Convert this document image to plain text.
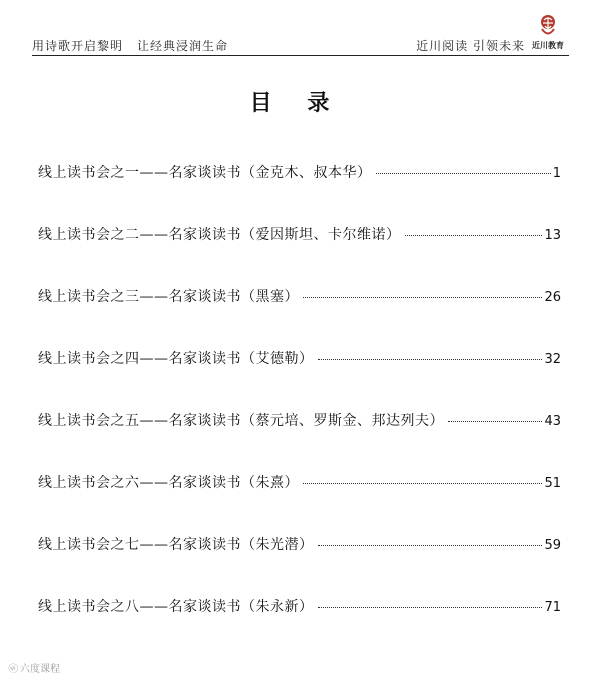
用诗歌开启黎明 让经典浸润生命	近川阅读 引领未来 近川教育
目 录
线上读书会之一——名家谈读书（金克木、叔本华）	1
线上读书会之二——名家谈读书（爱因斯坦、卡尔维诺）	13
线上读书会之三——名家谈读书（黑塞）	26
线上读书会之四——名家谈读书（艾德勒）	32
线上读书会之五——名家谈读书（蔡元培、罗斯金、邦达列夫）	43
线上读书会之六——名家谈读书（朱熹）	51
线上读书会之七——名家谈读书（朱光潜）	59
线上读书会之八——名家谈读书（朱永新）	71
ⓦ六度课程
